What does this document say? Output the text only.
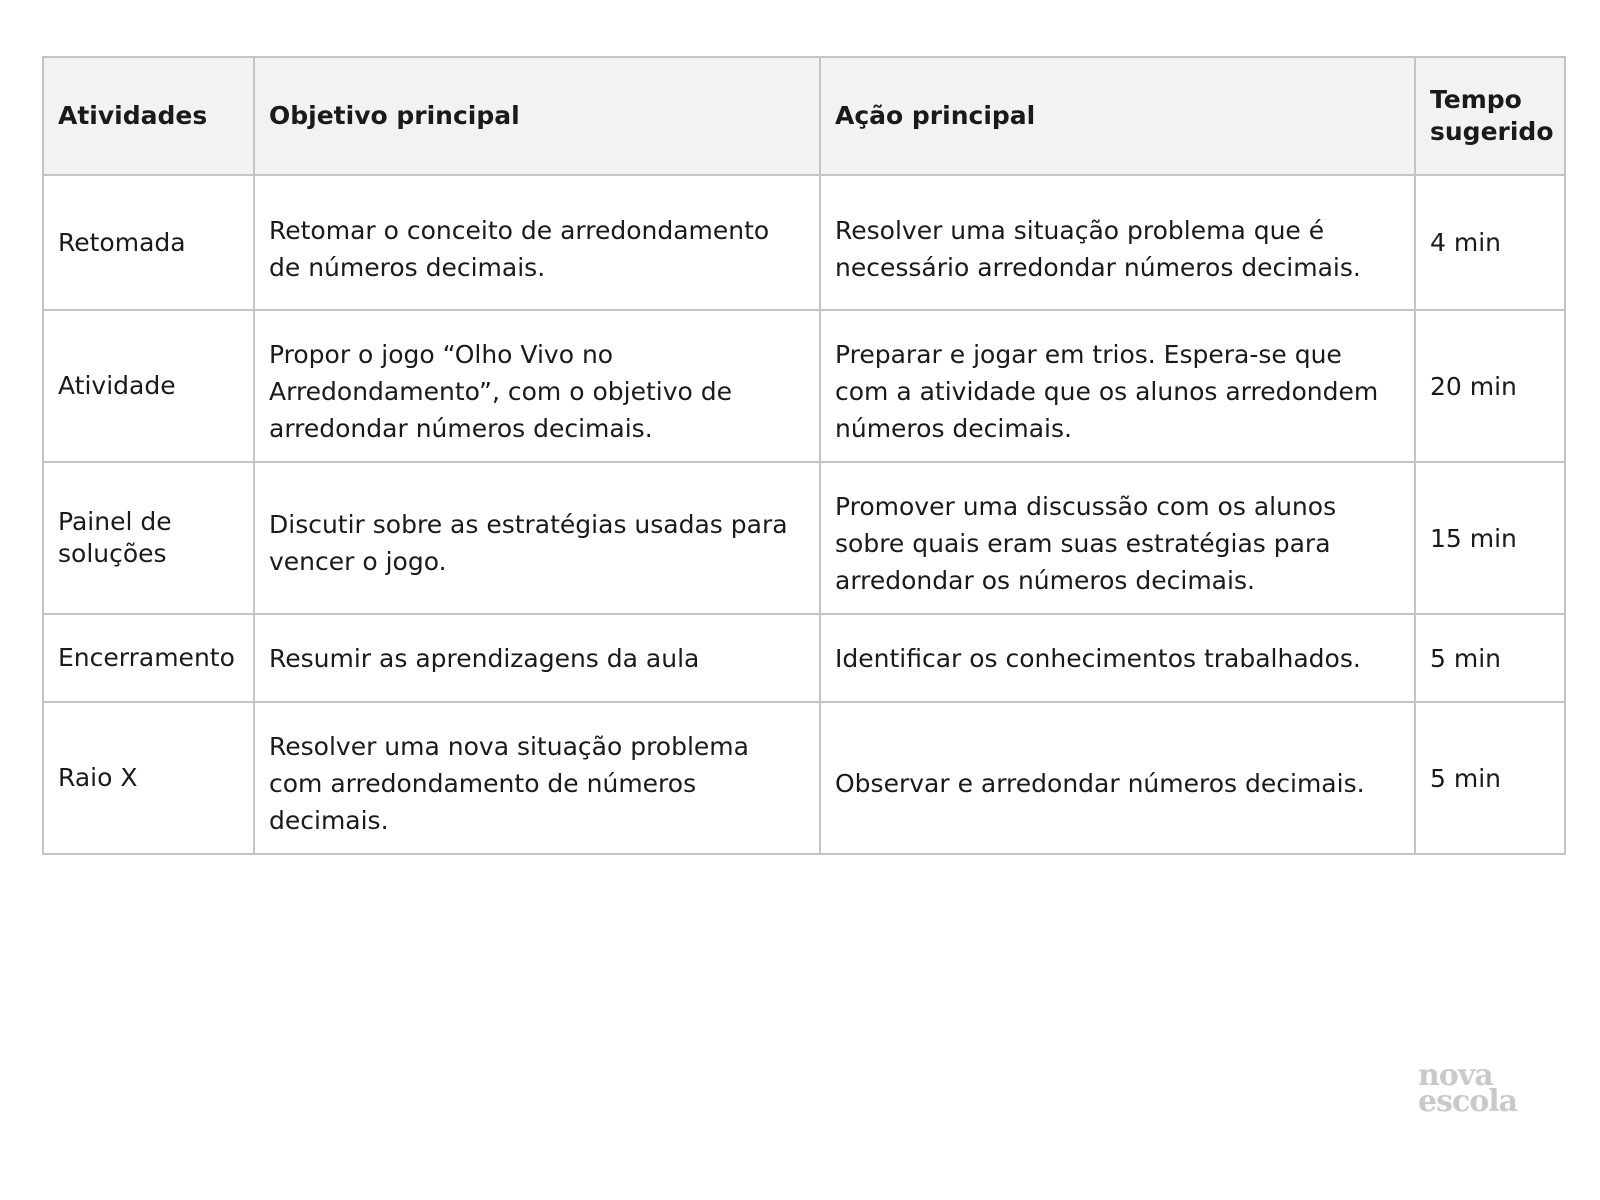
Atividades	Objetivo principal	Ação principal	Tempo sugerido
Retomada	Retomar o conceito de arredondamento de números decimais.	Resolver uma situação problema que é necessário arredondar números decimais.	4 min
Atividade	Propor o jogo “Olho Vivo no Arredondamento”, com o objetivo de arredondar números decimais.	Preparar e jogar em trios. Espera-se que com a atividade que os alunos arredondem números decimais.	20 min
Painel de soluções	Discutir sobre as estratégias usadas para vencer o jogo.	Promover uma discussão com os alunos sobre quais eram suas estratégias para arredondar os números decimais.	15 min
Encerramento	Resumir as aprendizagens da aula	Identificar os conhecimentos trabalhados.	5 min
Raio X	Resolver uma nova situação problema com arredondamento de números decimais.	Observar e arredondar números decimais.	5 min
nova
escola
